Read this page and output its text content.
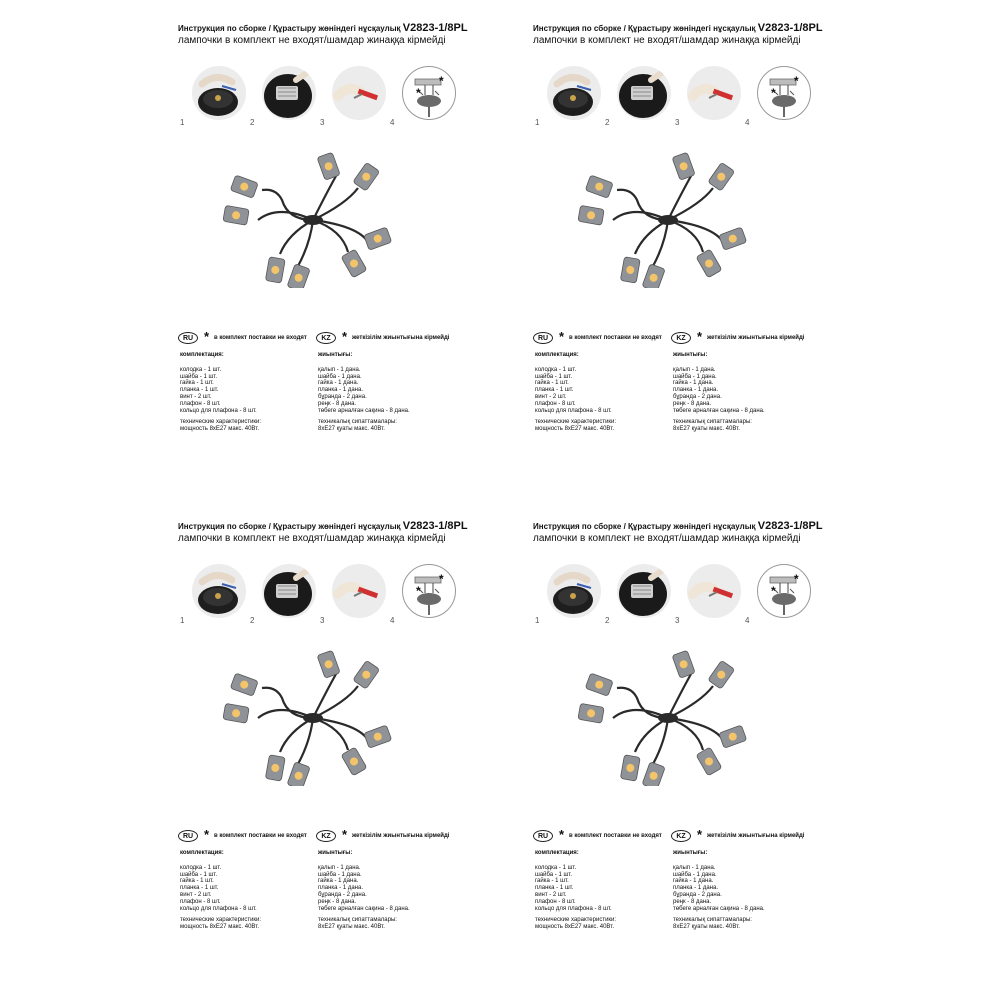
Инструкция по сборке / Құрастыру жөніндегі нұсқаулық V2823-1/8PL
лампочки в комплект не входят/шамдар жинаққа кірмейді
1	2	3
*
*
4
RU * в комплект поставки не входят	KZ * жеткізілім жиынтығына кірмейді
комплектация:
колодка - 1 шт.
шайба - 1 шт.
гайка - 1 шт.
планка - 1 шт.
винт - 2 шт.
плафон - 8 шт.
кольцо для плафона - 8 шт.
технические характеристики:
мощность 8хЕ27 макс. 40Вт.
жиынтығы:
қалып - 1 дана.
шайба - 1 дана.
гайка - 1 дана.
планка - 1 дана.
бұранда - 2 дана.
реңк - 8 дана.
төбеге арналған сақина - 8 дана.
техникалық сипаттамалары:
8хЕ27 қуаты макс. 40Вт.
Инструкция по сборке / Құрастыру жөніндегі нұсқаулық V2823-1/8PL
лампочки в комплект не входят/шамдар жинаққа кірмейді
1	2	3
*
*
4
RU * в комплект поставки не входят	KZ * жеткізілім жиынтығына кірмейді
комплектация:
колодка - 1 шт.
шайба - 1 шт.
гайка - 1 шт.
планка - 1 шт.
винт - 2 шт.
плафон - 8 шт.
кольцо для плафона - 8 шт.
технические характеристики:
мощность 8хЕ27 макс. 40Вт.
жиынтығы:
қалып - 1 дана.
шайба - 1 дана.
гайка - 1 дана.
планка - 1 дана.
бұранда - 2 дана.
реңк - 8 дана.
төбеге арналған сақина - 8 дана.
техникалық сипаттамалары:
8хЕ27 қуаты макс. 40Вт.
Инструкция по сборке / Құрастыру жөніндегі нұсқаулық V2823-1/8PL
лампочки в комплект не входят/шамдар жинаққа кірмейді
1	2	3
*
*
4
RU * в комплект поставки не входят	KZ * жеткізілім жиынтығына кірмейді
комплектация:
колодка - 1 шт.
шайба - 1 шт.
гайка - 1 шт.
планка - 1 шт.
винт - 2 шт.
плафон - 8 шт.
кольцо для плафона - 8 шт.
технические характеристики:
мощность 8хЕ27 макс. 40Вт.
жиынтығы:
қалып - 1 дана.
шайба - 1 дана.
гайка - 1 дана.
планка - 1 дана.
бұранда - 2 дана.
реңк - 8 дана.
төбеге арналған сақина - 8 дана.
техникалық сипаттамалары:
8хЕ27 қуаты макс. 40Вт.
Инструкция по сборке / Құрастыру жөніндегі нұсқаулық V2823-1/8PL
лампочки в комплект не входят/шамдар жинаққа кірмейді
1	2	3
*
*
4
RU * в комплект поставки не входят	KZ * жеткізілім жиынтығына кірмейді
комплектация:
колодка - 1 шт.
шайба - 1 шт.
гайка - 1 шт.
планка - 1 шт.
винт - 2 шт.
плафон - 8 шт.
кольцо для плафона - 8 шт.
технические характеристики:
мощность 8хЕ27 макс. 40Вт.
жиынтығы:
қалып - 1 дана.
шайба - 1 дана.
гайка - 1 дана.
планка - 1 дана.
бұранда - 2 дана.
реңк - 8 дана.
төбеге арналған сақина - 8 дана.
техникалық сипаттамалары:
8хЕ27 қуаты макс. 40Вт.
